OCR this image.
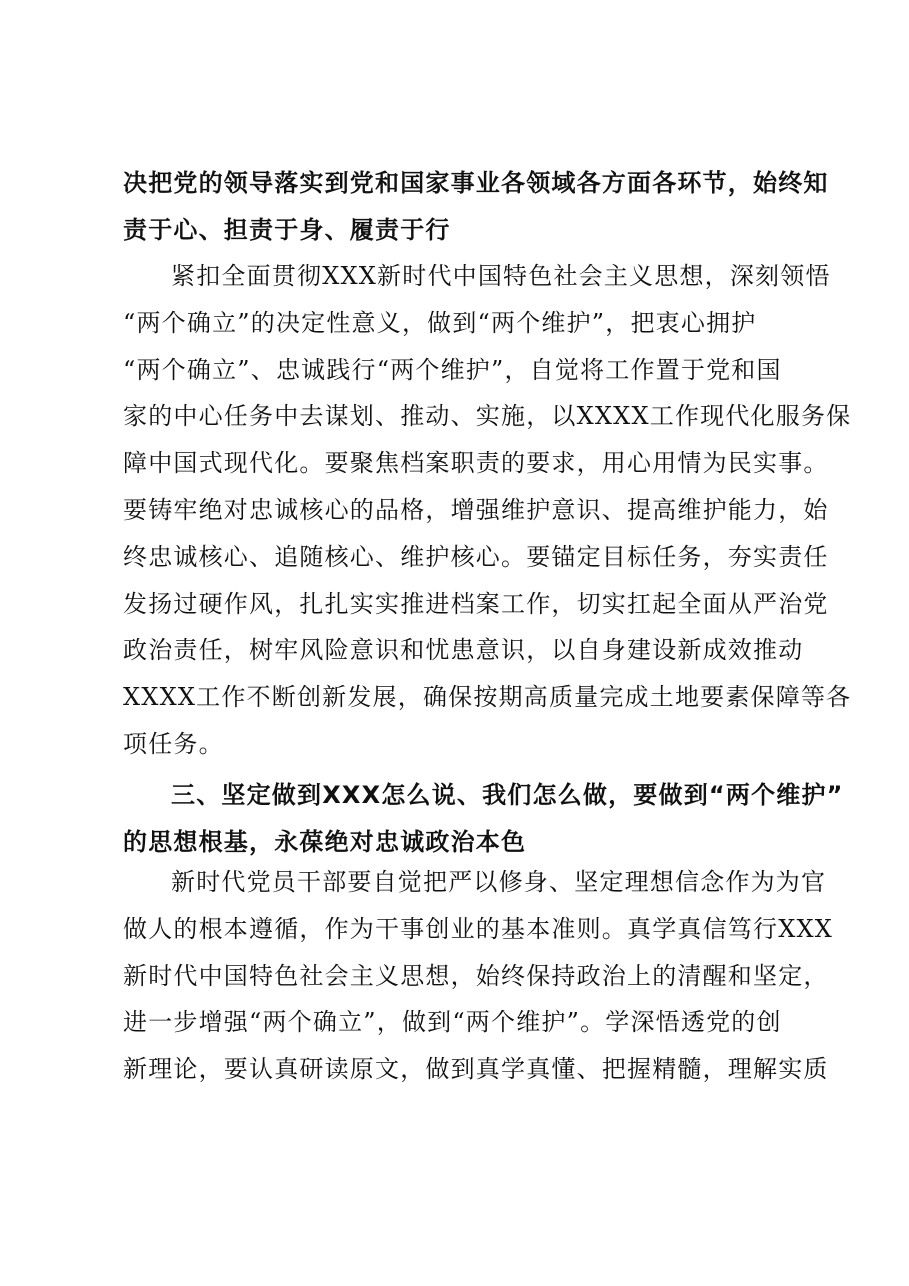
决把党的领导落实到党和国家事业各领域各方面各环节，始终知
责于心、担责于身、履责于行
紧扣全面贯彻XXX新时代中国特色社会主义思想，深刻领悟
“两个确立”的决定性意义，做到“两个维护”，把衷心拥护
“两个确立”、忠诚践行“两个维护”，自觉将工作置于党和国
家的中心任务中去谋划、推动、实施，以XXXX工作现代化服务保
障中国式现代化。要聚焦档案职责的要求，用心用情为民实事。
要铸牢绝对忠诚核心的品格，增强维护意识、提高维护能力，始
终忠诚核心、追随核心、维护核心。要锚定目标任务，夯实责任
发扬过硬作风，扎扎实实推进档案工作，切实扛起全面从严治党
政治责任，树牢风险意识和忧患意识，以自身建设新成效推动
XXXX工作不断创新发展，确保按期高质量完成土地要素保障等各
项任务。
三、坚定做到XXX怎么说、我们怎么做，要做到“两个维护”
的思想根基，永葆绝对忠诚政治本色
新时代党员干部要自觉把严以修身、坚定理想信念作为为官
做人的根本遵循，作为干事创业的基本准则。真学真信笃行XXX
新时代中国特色社会主义思想，始终保持政治上的清醒和坚定，
进一步增强“两个确立”，做到“两个维护”。学深悟透党的创
新理论，要认真研读原文，做到真学真懂、把握精髓，理解实质
